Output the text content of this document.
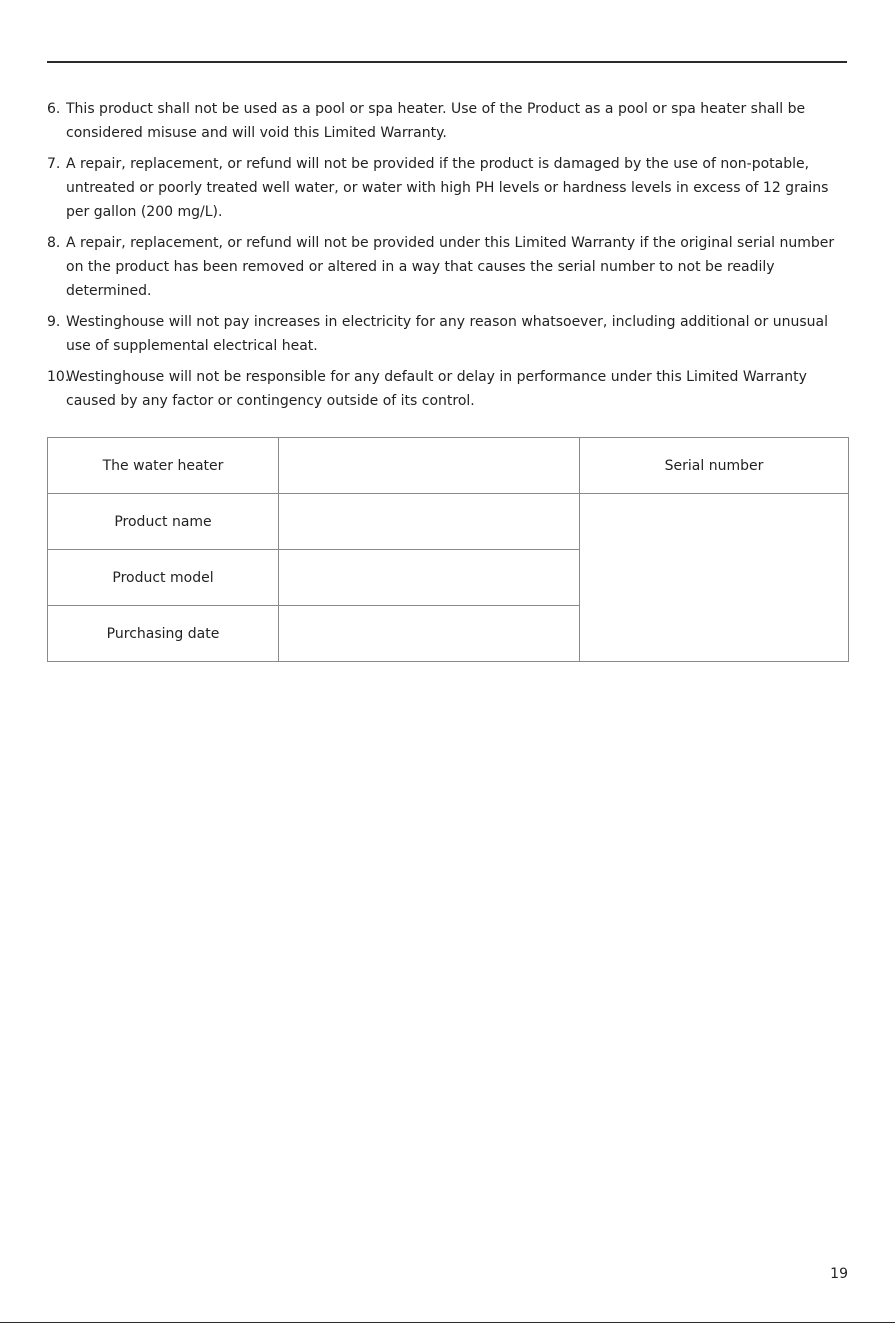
6. This product shall not be used as a pool or spa heater. Use of the Product as a pool or spa heater shall be considered misuse and will void this Limited Warranty.
7. A repair, replacement, or refund will not be provided if the product is damaged by the use of non-potable, untreated or poorly treated well water, or water with high PH levels or hardness levels in excess of 12 grains per gallon (200 mg/L).
8. A repair, replacement, or refund will not be provided under this Limited Warranty if the original serial number on the product has been removed or altered in a way that causes the serial number to not be readily determined.
9. Westinghouse will not pay increases in electricity for any reason whatsoever, including additional or unusual use of supplemental electrical heat.
10.
Westinghouse will not be responsible for any default or delay in performance under this Limited Warranty caused by any factor or contingency outside of its control.
The water heater		Serial number
Product name		
Product model		
Purchasing date		
19
